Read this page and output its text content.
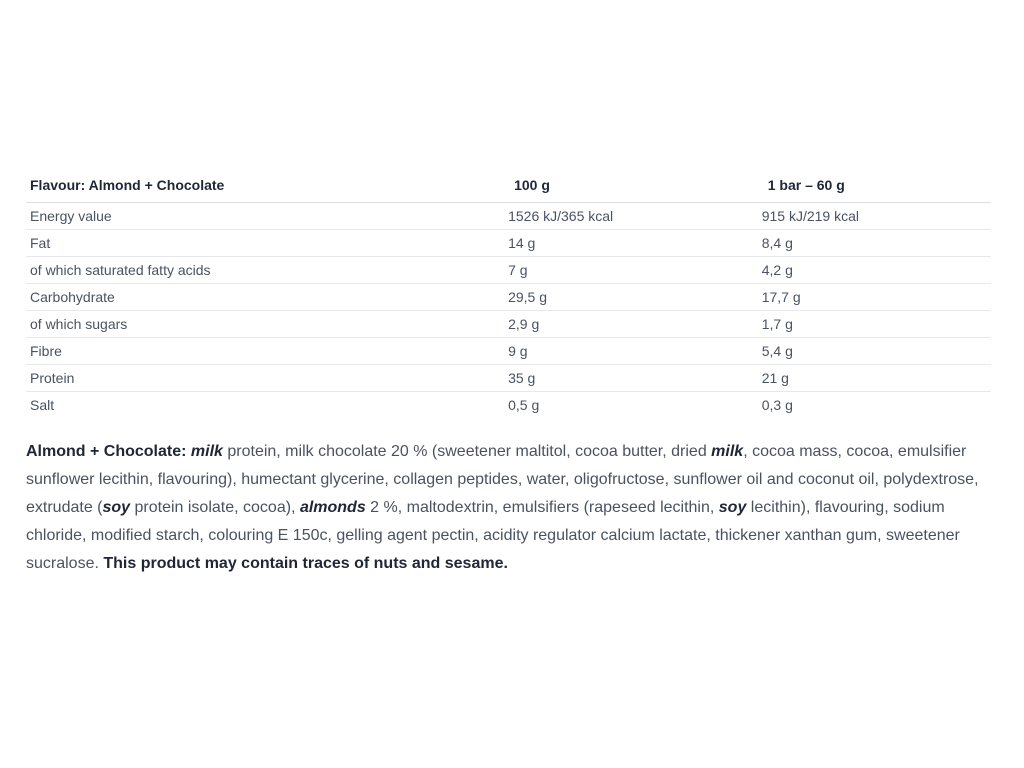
Flavour: Almond + Chocolate	100 g	1 bar – 60 g
Energy value	1526 kJ/365 kcal	915 kJ/219 kcal
Fat	14 g	8,4 g
of which saturated fatty acids	7 g	4,2 g
Carbohydrate	29,5 g	17,7 g
of which sugars	2,9 g	1,7 g
Fibre	9 g	5,4 g
Protein	35 g	21 g
Salt	0,5 g	0,3 g

Almond + Chocolate: milk protein, milk chocolate 20 % (sweetener maltitol, cocoa butter, dried milk, cocoa mass, cocoa, emulsifier sunflower lecithin, flavouring), humectant glycerine, collagen peptides, water, oligofructose, sunflower oil and coconut oil, polydextrose, extrudate (soy protein isolate, cocoa), almonds 2 %, maltodextrin, emulsifiers (rapeseed lecithin, soy lecithin), flavouring, sodium chloride, modified starch, colouring E 150c, gelling agent pectin, acidity regulator calcium lactate, thickener xanthan gum, sweetener sucralose. This product may contain traces of nuts and sesame.
